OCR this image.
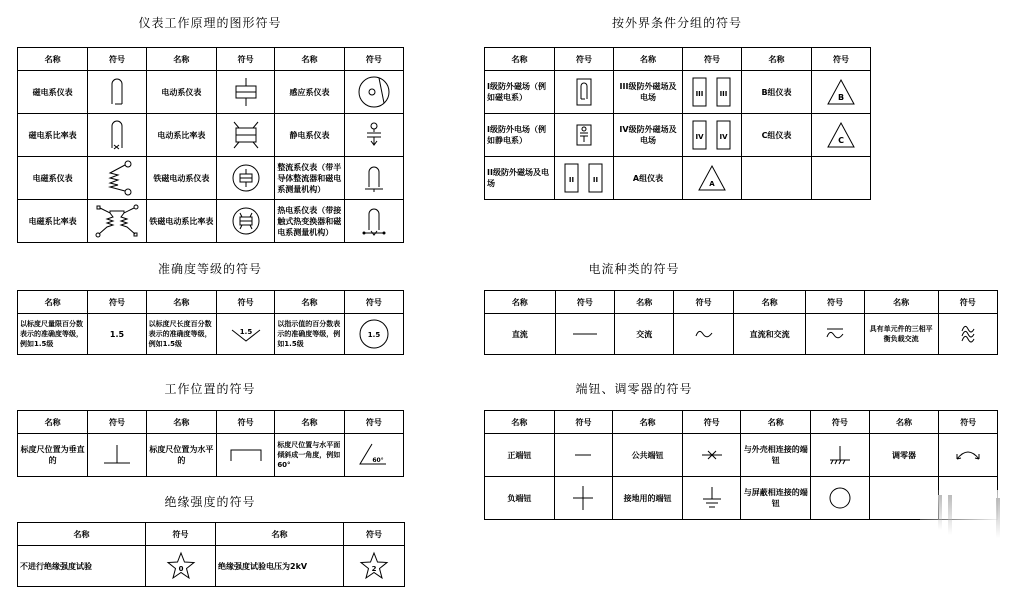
仪表工作原理的图形符号
名称	符号	名称	符号	名称	符号
磁电系仪表		电动系仪表		感应系仪表	

磁电系比率表		电动系比率表		静电系仪表	

电磁系仪表		铁磁电动系仪表		整流系仪表（带半导体整流器和磁电系测量机构）	

电磁系比率表		铁磁电动系比率表		热电系仪表（带接触式热变换器和磁电系测量机构）	
按外界条件分组的符号
名称	符号	名称	符号	名称	符号
I级防外磁场（例如磁电系）		III级防外磁场及电场	III III	B组仪表	B

I级防外电场（例如静电系）		IV级防外磁场及电场	IV IV	C组仪表	C

II级防外磁场及电场	II II	A组仪表	A		

准确度等级的符号
名称	符号	名称	符号	名称	符号
以标度尺量限百分数表示的准确度等级，例如1.5级	1.5	以标度尺长度百分数表示的准确度等级，例如1.5级	1.5	以指示值的百分数表示的准确度等级，例如1.5级	1.5
电流种类的符号
名称	符号	名称	符号	名称	符号	名称	符号
直流		交流		直流和交流		具有单元件的三相平衡负载交流	
工作位置的符号
名称	符号	名称	符号	名称	符号
标度尺位置为垂直的		标度尺位置为水平的		标度尺位置与水平面倾斜成一角度，例如60°	60°
绝缘强度的符号
名称	符号	名称	符号
不进行绝缘强度试验	0	绝缘强度试验电压为2kV	2
端钮、调零器的符号
名称	符号	名称	符号	名称	符号	名称	符号
正端钮		公共端钮		与外壳相连接的端钮		调零器	

负端钮		接地用的端钮		与屏蔽相连接的端钮	
